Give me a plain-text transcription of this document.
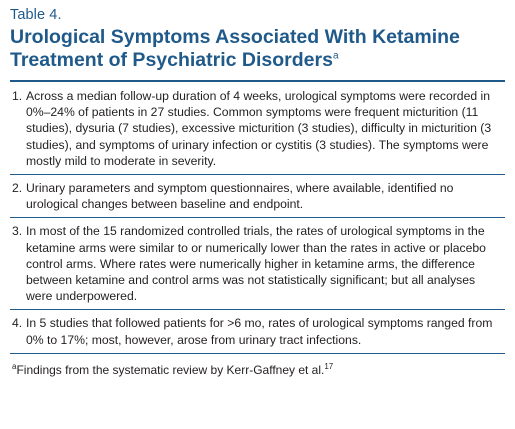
Table 4.
Urological Symptoms Associated With Ketamine Treatment of Psychiatric Disorders$^a$
1. Across a median follow-up duration of 4 weeks, urological symptoms were recorded in 0%–24% of patients in 27 studies. Common symptoms were frequent micturition (11 studies), dysuria (7 studies), excessive micturition (3 studies), difficulty in micturition (3 studies), and symptoms of urinary infection or cystitis (3 studies). The symptoms were mostly mild to moderate in severity.
2. Urinary parameters and symptom questionnaires, where available, identified no urological changes between baseline and endpoint.
3. In most of the 15 randomized controlled trials, the rates of urological symptoms in the ketamine arms were similar to or numerically lower than the rates in active or placebo control arms. Where rates were numerically higher in ketamine arms, the difference between ketamine and control arms was not statistically significant; but all analyses were underpowered.
4. In 5 studies that followed patients for >6 mo, rates of urological symptoms ranged from 0% to 17%; most, however, arose from urinary tract infections.
$^a$Findings from the systematic review by Kerr-Gaffney et al.$^{17}$
